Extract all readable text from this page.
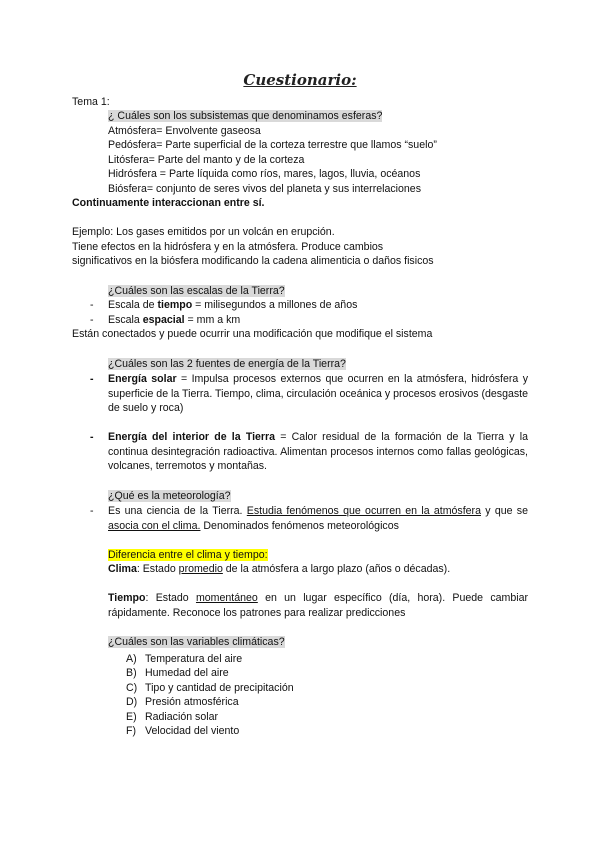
Cuestionario:
Tema 1:
¿ Cuáles son los subsistemas que denominamos esferas?
Atmósfera= Envolvente gaseosa
Pedósfera= Parte superficial de la corteza terrestre que llamos “suelo”
Litósfera= Parte del manto y de la corteza
Hidrósfera = Parte líquida como ríos, mares, lagos, lluvia, océanos
Biósfera= conjunto de seres vivos del planeta y sus interrelaciones
Continuamente interaccionan entre sí.
Ejemplo: Los gases emitidos por un volcán en erupción.
Tiene efectos en la hidrósfera y en la atmósfera. Produce cambios
significativos en la biósfera modificando la cadena alimenticia o daños fisicos
¿Cuáles son las escalas de la Tierra?
- Escala de tiempo = milisegundos a millones de años
- Escala espacial = mm a km
Están conectados y puede ocurrir una modificación que modifique el sistema
¿Cuáles son las 2 fuentes de energía de la Tierra?
- Energía solar = Impulsa procesos externos que ocurren en la atmósfera, hidrósfera y superficie de la Tierra. Tiempo, clima, circulación oceánica y procesos erosivos (desgaste de suelo y roca)
- Energía del interior de la Tierra = Calor residual de la formación de la Tierra y la continua desintegración radioactiva. Alimentan procesos internos como fallas geológicas, volcanes, terremotos y montañas.
¿Qué es la meteorología?
- Es una ciencia de la Tierra. Estudia fenómenos que ocurren en la atmósfera y que se asocia con el clima. Denominados fenómenos meteorológicos
Diferencia entre el clima y tiempo:
Clima: Estado promedio de la atmósfera a largo plazo (años o décadas).
Tiempo: Estado momentáneo en un lugar específico (día, hora). Puede cambiar rápidamente. Reconoce los patrones para realizar predicciones
¿Cuáles son las variables climáticas?
A) Temperatura del aire
B) Humedad del aire
C) Tipo y cantidad de precipitación
D) Presión atmosférica
E) Radiación solar
F) Velocidad del viento
